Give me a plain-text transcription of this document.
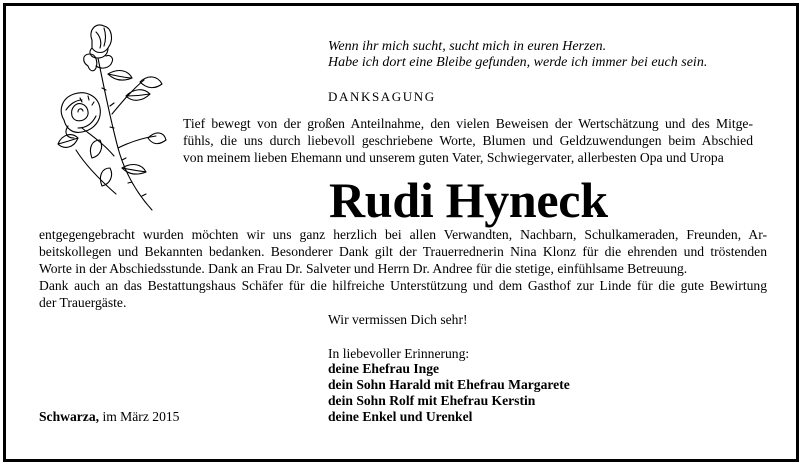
Wenn ihr mich sucht, sucht mich in euren Herzen.
Habe ich dort eine Bleibe gefunden, werde ich immer bei euch sein.
DANKSAGUNG
Tief bewegt von der großen Anteilnahme, den vielen Beweisen der Wertschätzung und des Mitge-
fühls, die uns durch liebevoll geschriebene Worte, Blumen und Geldzuwendungen beim Abschied
von meinem lieben Ehemann und unserem guten Vater, Schwiegervater, allerbesten Opa und Uropa
Rudi Hyneck
entgegengebracht wurden möchten wir uns ganz herzlich bei allen Verwandten, Nachbarn, Schulkameraden, Freunden, Ar-
beitskollegen und Bekannten bedanken. Besonderer Dank gilt der Trauerrednerin Nina Klonz für die ehrenden und tröstenden
Worte in der Abschiedsstunde. Dank an Frau Dr. Salveter und Herrn Dr. Andree für die stetige, einfühlsame Betreuung.
Dank auch an das Bestattungshaus Schäfer für die hilfreiche Unterstützung und dem Gasthof zur Linde für die gute Bewirtung
der Trauergäste.
Wir vermissen Dich sehr!
In liebevoller Erinnerung:
deine Ehefrau Inge
dein Sohn Harald mit Ehefrau Margarete
dein Sohn Rolf mit Ehefrau Kerstin
deine Enkel und Urenkel
Schwarza, im März 2015
